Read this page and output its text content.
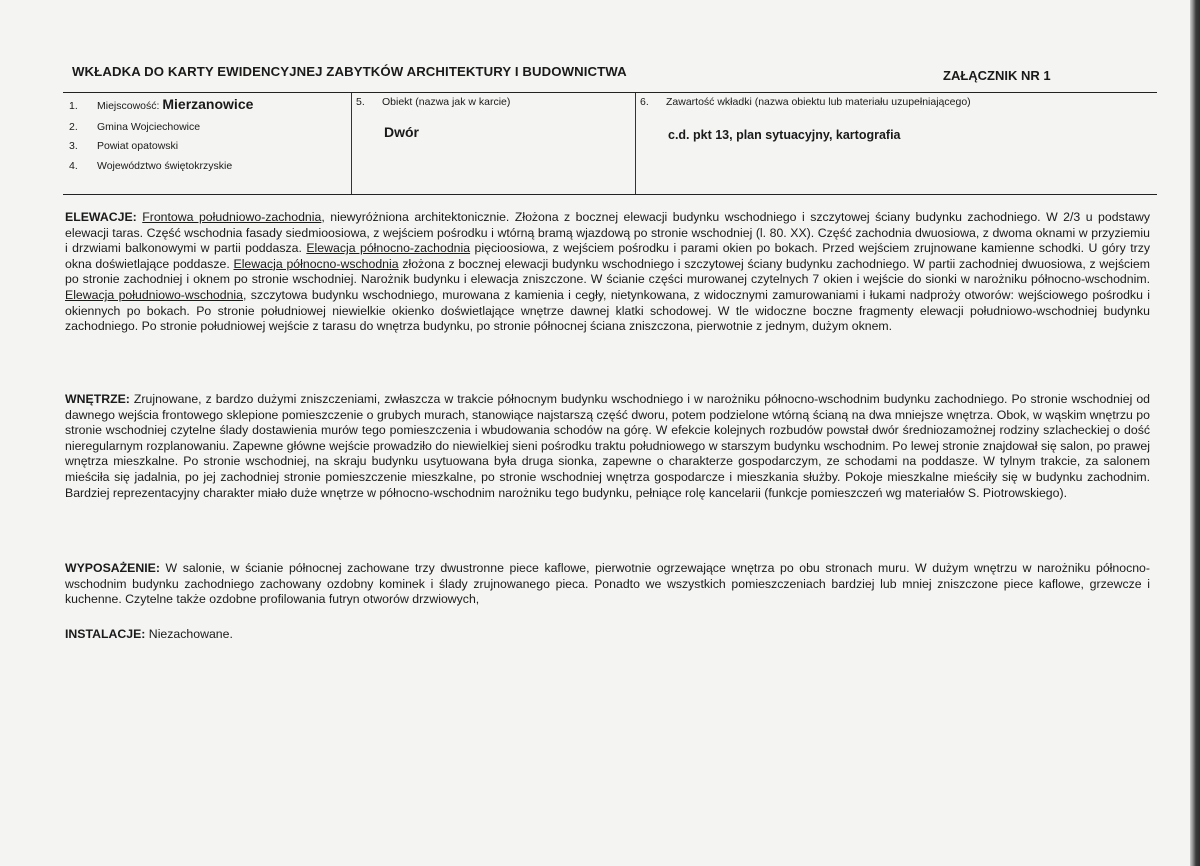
WKŁADKA DO KARTY EWIDENCYJNEJ ZABYTKÓW ARCHITEKTURY I BUDOWNICTWA	ZAŁĄCZNIK NR 1
1. Miejscowość: Mierzanowice
2. Gmina Wojciechowice
3. Powiat opatowski
4. Województwo świętokrzyskie
5. Obiekt (nazwa jak w karcie)
Dwór
6. Zawartość wkładki (nazwa obiektu lub materiału uzupełniającego)
c.d. pkt 13, plan sytuacyjny, kartografia
ELEWACJE: Frontowa południowo-zachodnia, niewyróżniona architektonicznie. Złożona z bocznej elewacji budynku wschodniego i szczytowej ściany budynku zachodniego. W 2/3 u podstawy elewacji taras. Część wschodnia fasady siedmioosiowa, z wejściem pośrodku i wtórną bramą wjazdową po stronie wschodniej (l. 80. XX). Część zachodnia dwuosiowa, z dwoma oknami w przyziemiu i drzwiami balkonowymi w partii poddasza. Elewacja północno-zachodnia pięcioosiowa, z wejściem pośrodku i parami okien po bokach. Przed wejściem zrujnowane kamienne schodki. U góry trzy okna doświetlające poddasze. Elewacja północno-wschodnia złożona z bocznej elewacji budynku wschodniego i szczytowej ściany budynku zachodniego. W partii zachodniej dwuosiowa, z wejściem po stronie zachodniej i oknem po stronie wschodniej. Narożnik budynku i elewacja zniszczone. W ścianie części murowanej czytelnych 7 okien i wejście do sionki w narożniku północno-wschodnim. Elewacja południowo-wschodnia, szczytowa budynku wschodniego, murowana z kamienia i cegły, nietynkowana, z widocznymi zamurowaniami i łukami nadproży otworów: wejściowego pośrodku i okiennych po bokach. Po stronie południowej niewielkie okienko doświetlające wnętrze dawnej klatki schodowej. W tle widoczne boczne fragmenty elewacji południowo-wschodniej budynku zachodniego. Po stronie południowej wejście z tarasu do wnętrza budynku, po stronie północnej ściana zniszczona, pierwotnie z jednym, dużym oknem.
WNĘTRZE: Zrujnowane, z bardzo dużymi zniszczeniami, zwłaszcza w trakcie północnym budynku wschodniego i w narożniku północno-wschodnim budynku zachodniego. Po stronie wschodniej od dawnego wejścia frontowego sklepione pomieszczenie o grubych murach, stanowiące najstarszą część dworu, potem podzielone wtórną ścianą na dwa mniejsze wnętrza. Obok, w wąskim wnętrzu po stronie wschodniej czytelne ślady dostawienia murów tego pomieszczenia i wbudowania schodów na górę. W efekcie kolejnych rozbudów powstał dwór średniozamożnej rodziny szlacheckiej o dość nieregularnym rozplanowaniu. Zapewne główne wejście prowadziło do niewielkiej sieni pośrodku traktu południowego w starszym budynku wschodnim. Po lewej stronie znajdował się salon, po prawej wnętrza mieszkalne. Po stronie wschodniej, na skraju budynku usytuowana była druga sionka, zapewne o charakterze gospodarczym, ze schodami na poddasze. W tylnym trakcie, za salonem mieściła się jadalnia, po jej zachodniej stronie pomieszczenie mieszkalne, po stronie wschodniej wnętrza gospodarcze i mieszkania służby. Pokoje mieszkalne mieściły się w budynku zachodnim. Bardziej reprezentacyjny charakter miało duże wnętrze w północno-wschodnim narożniku tego budynku, pełniące rolę kancelarii (funkcje pomieszczeń wg materiałów S. Piotrowskiego).
WYPOSAŻENIE: W salonie, w ścianie północnej zachowane trzy dwustronne piece kaflowe, pierwotnie ogrzewające wnętrza po obu stronach muru. W dużym wnętrzu w narożniku północno-wschodnim budynku zachodniego zachowany ozdobny kominek i ślady zrujnowanego pieca. Ponadto we wszystkich pomieszczeniach bardziej lub mniej zniszczone piece kaflowe, grzewcze i kuchenne. Czytelne także ozdobne profilowania futryn otworów drzwiowych,
INSTALACJE: Niezachowane.
